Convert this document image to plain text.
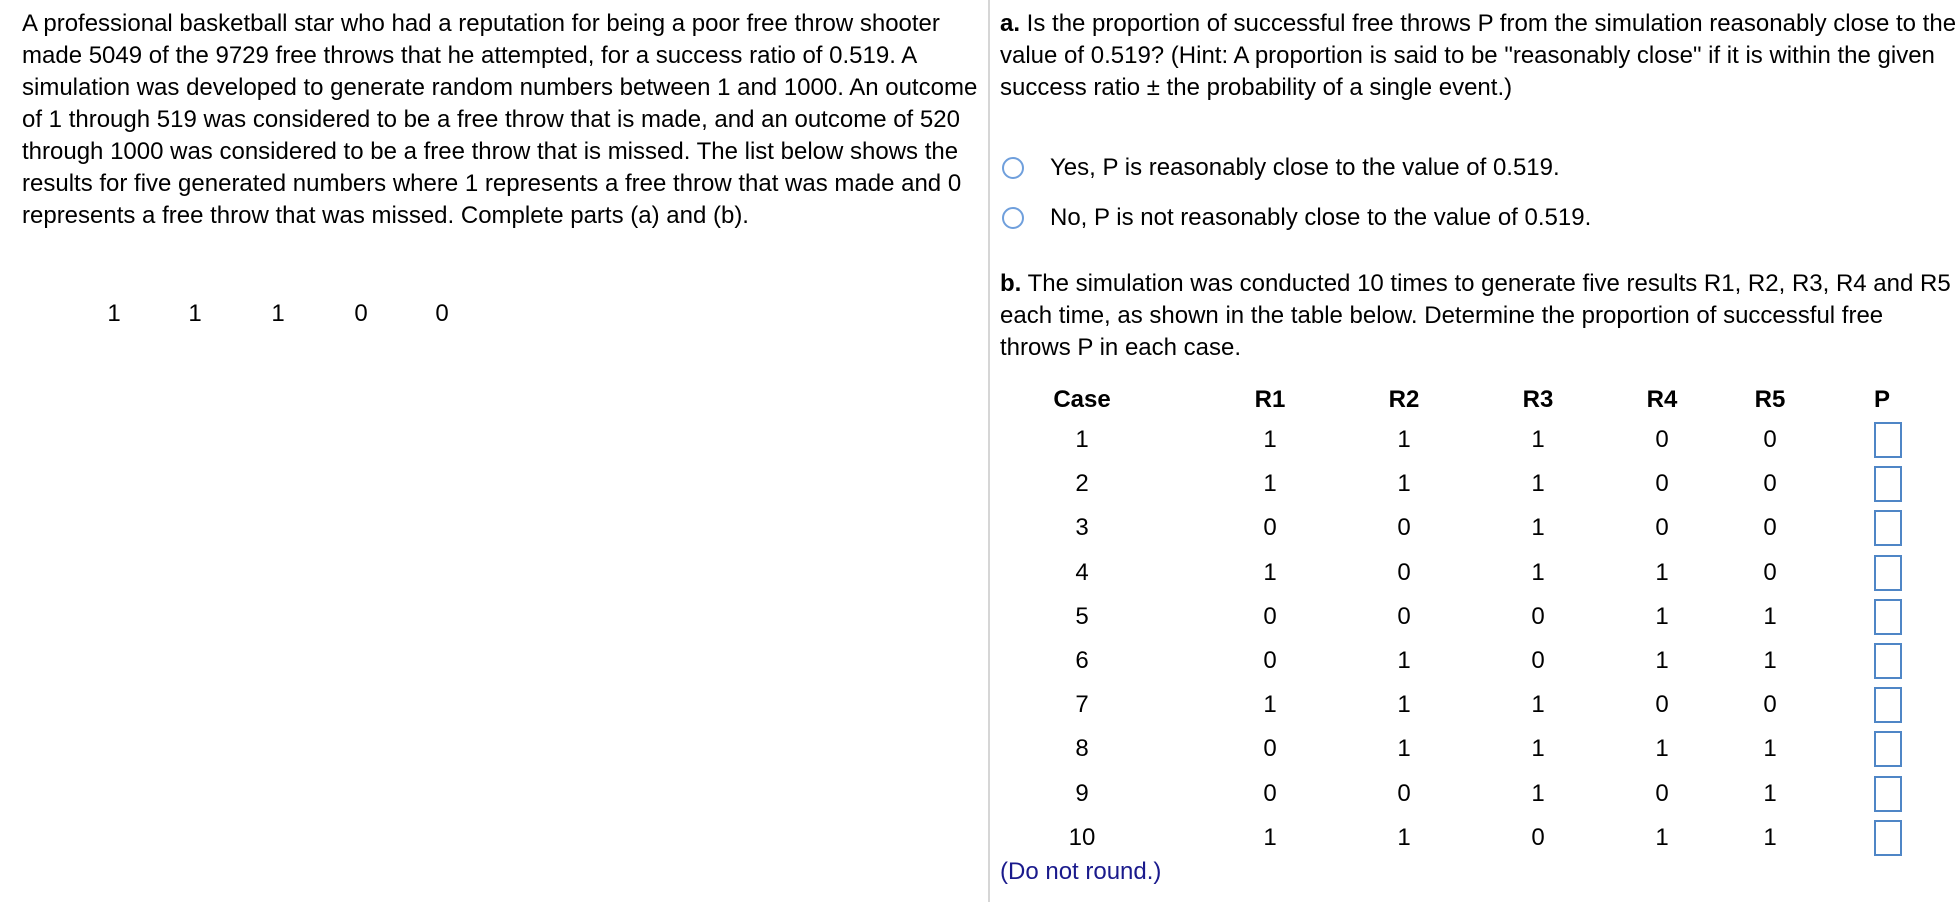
A professional basketball star who had a reputation for being a poor free throw shooter made 5049 of the 9729 free throws that he attempted, for a success ratio of 0.519. A simulation was developed to generate random numbers between 1 and 1000. An outcome of 1 through 519 was considered to be a free throw that is made, and an outcome of 520 through 1000 was considered to be a free throw that is missed. The list below shows the results for five generated numbers where 1 represents a free throw that was made and 0 represents a free throw that was missed. Complete parts (a) and (b).

1	1	1	0	0

a. Is the proportion of successful free throws P from the simulation reasonably close to the value of 0.519? (Hint: A proportion is said to be "reasonably close" if it is within the given success ratio ± the probability of a single event.)

Yes, P is reasonably close to the value of 0.519.
No, P is not reasonably close to the value of 0.519.

b. The simulation was conducted 10 times to generate five results R1, R2, R3, R4 and R5 each time, as shown in the table below. Determine the proportion of successful free throws P in each case.

Case	R1	R2	R3	R4	R5	P
1	1	1	1	0	0
2	1	1	1	0	0
3	0	0	1	0	0
4	1	0	1	1	0
5	0	0	0	1	1
6	0	1	0	1	1
7	1	1	1	0	0
8	0	1	1	1	1
9	0	0	1	0	1
10	1	1	0	1	1
(Do not round.)
